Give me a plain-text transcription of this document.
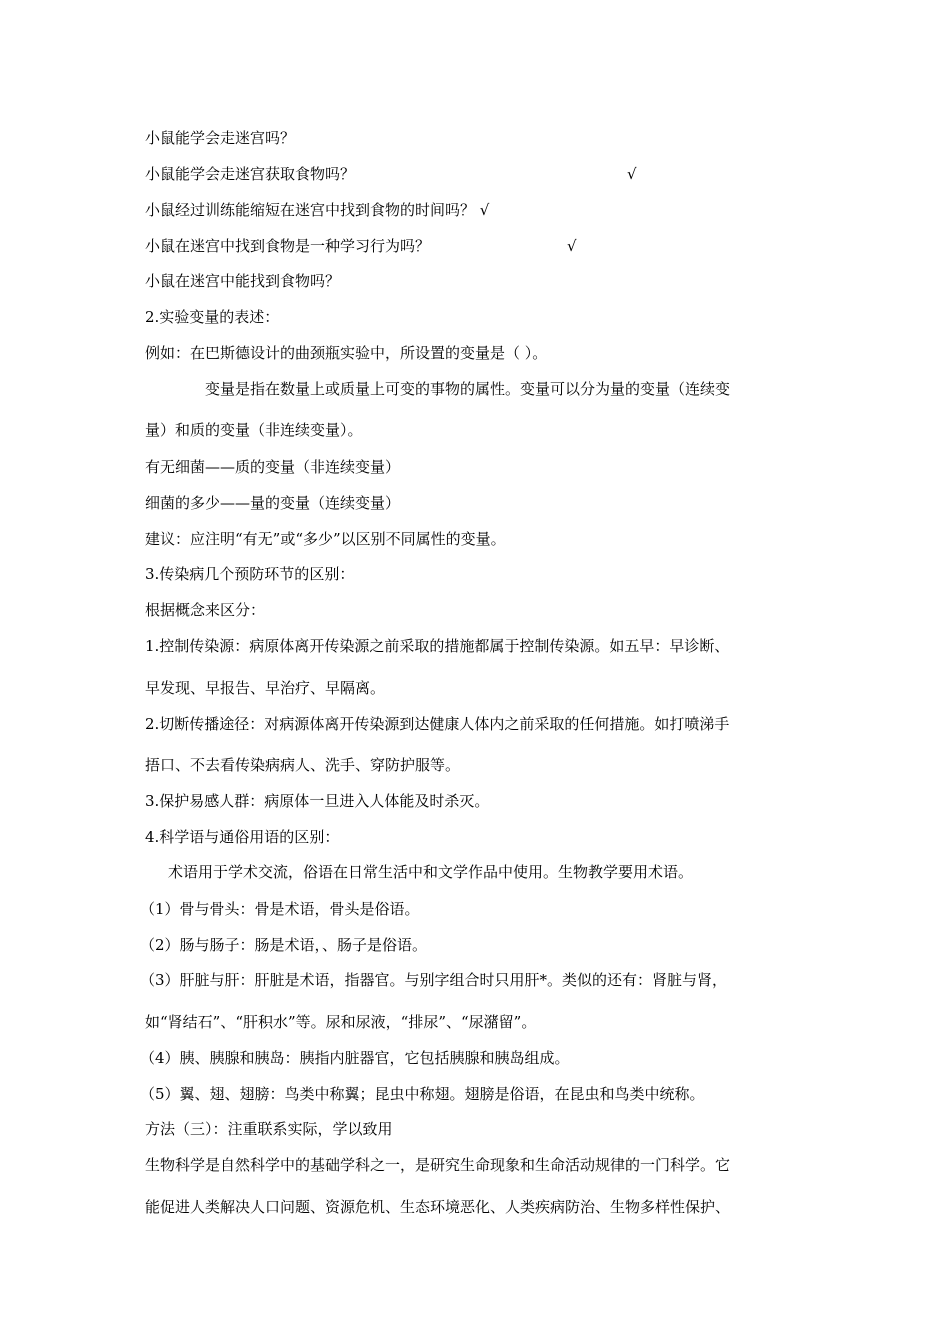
小鼠能学会走迷宫吗？
小鼠能学会走迷宫获取食物吗？	√
小鼠经过训练能缩短在迷宫中找到食物的时间吗？ √
小鼠在迷宫中找到食物是一种学习行为吗？	√
小鼠在迷宫中能找到食物吗？
2.实验变量的表述：
例如：在巴斯德设计的曲颈瓶实验中，所设置的变量是（ ）。
变量是指在数量上或质量上可变的事物的属性。变量可以分为量的变量（连续变
量）和质的变量（非连续变量）。
有无细菌——质的变量（非连续变量）
细菌的多少——量的变量（连续变量）
建议：应注明“有无”或“多少”以区别不同属性的变量。
3.传染病几个预防环节的区别：
根据概念来区分：
1.控制传染源：病原体离开传染源之前采取的措施都属于控制传染源。如五早：早诊断、
早发现、早报告、早治疗、早隔离。
2.切断传播途径：对病源体离开传染源到达健康人体内之前采取的任何措施。如打喷涕手
捂口、不去看传染病病人、洗手、穿防护服等。
3.保护易感人群：病原体一旦进入人体能及时杀灭。
4.科学语与通俗用语的区别：
术语用于学术交流，俗语在日常生活中和文学作品中使用。生物教学要用术语。
（1）骨与骨头：骨是术语，骨头是俗语。
（2）肠与肠子：肠是术语，、肠子是俗语。
（3）肝脏与肝：肝脏是术语，指器官。与别字组合时只用肝*。类似的还有：肾脏与肾，
如“肾结石”、“肝积水”等。尿和尿液，“排尿”、“尿潴留”。
（4）胰、胰腺和胰岛：胰指内脏器官，它包括胰腺和胰岛组成。
（5）翼、翅、翅膀：鸟类中称翼；昆虫中称翅。翅膀是俗语，在昆虫和鸟类中统称。
方法（三）：注重联系实际，学以致用
生物科学是自然科学中的基础学科之一，是研究生命现象和生命活动规律的一门科学。它
能促进人类解决人口问题、资源危机、生态环境恶化、人类疾病防治、生物多样性保护、
